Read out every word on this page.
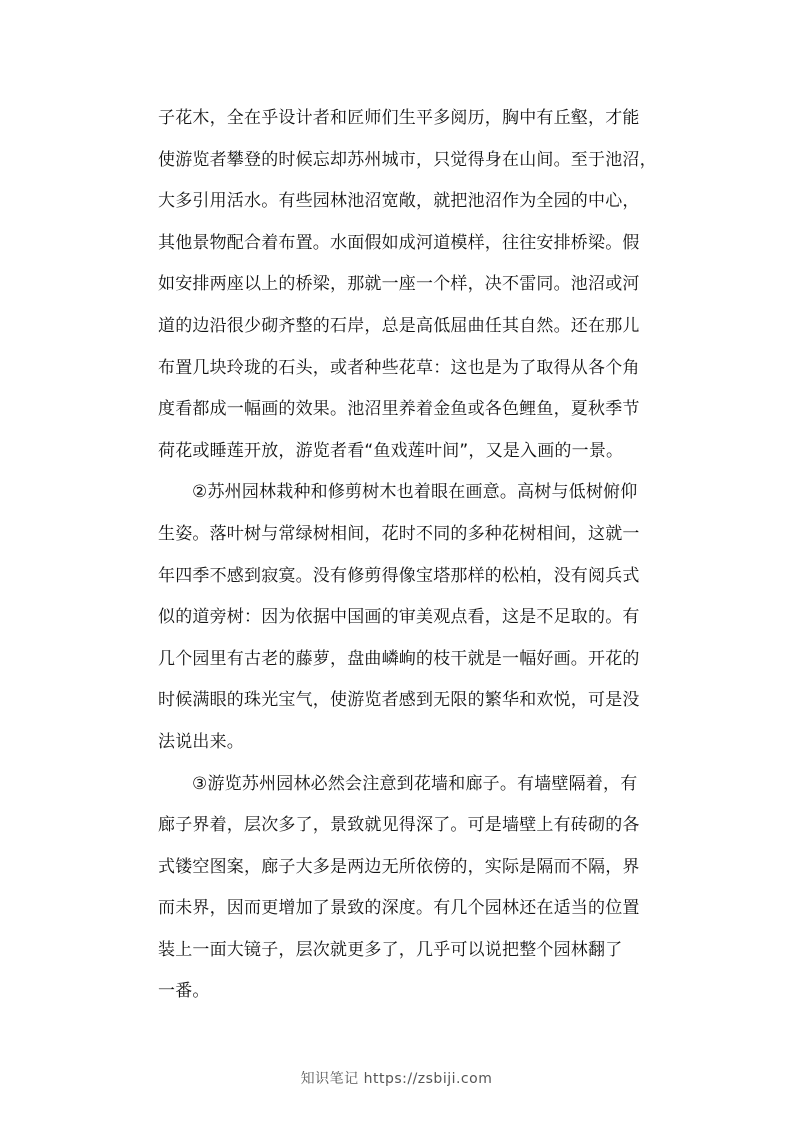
子花木，全在乎设计者和匠师们生平多阅历，胸中有丘壑，才能
使游览者攀登的时候忘却苏州城市，只觉得身在山间。至于池沼，
大多引用活水。有些园林池沼宽敞，就把池沼作为全园的中心，
其他景物配合着布置。水面假如成河道模样，往往安排桥梁。假
如安排两座以上的桥梁，那就一座一个样，决不雷同。池沼或河
道的边沿很少砌齐整的石岸，总是高低屈曲任其自然。还在那儿
布置几块玲珑的石头，或者种些花草：这也是为了取得从各个角
度看都成一幅画的效果。池沼里养着金鱼或各色鲤鱼，夏秋季节
荷花或睡莲开放，游览者看“鱼戏莲叶间”，又是入画的一景。
②苏州园林栽种和修剪树木也着眼在画意。高树与低树俯仰
生姿。落叶树与常绿树相间，花时不同的多种花树相间，这就一
年四季不感到寂寞。没有修剪得像宝塔那样的松柏，没有阅兵式
似的道旁树：因为依据中国画的审美观点看，这是不足取的。有
几个园里有古老的藤萝，盘曲嶙峋的枝干就是一幅好画。开花的
时候满眼的珠光宝气，使游览者感到无限的繁华和欢悦，可是没
法说出来。
③游览苏州园林必然会注意到花墙和廊子。有墙壁隔着，有
廊子界着，层次多了，景致就见得深了。可是墙壁上有砖砌的各
式镂空图案，廊子大多是两边无所依傍的，实际是隔而不隔，界
而未界，因而更增加了景致的深度。有几个园林还在适当的位置
装上一面大镜子，层次就更多了，几乎可以说把整个园林翻了
一番。
知识笔记 https://zsbiji.com
